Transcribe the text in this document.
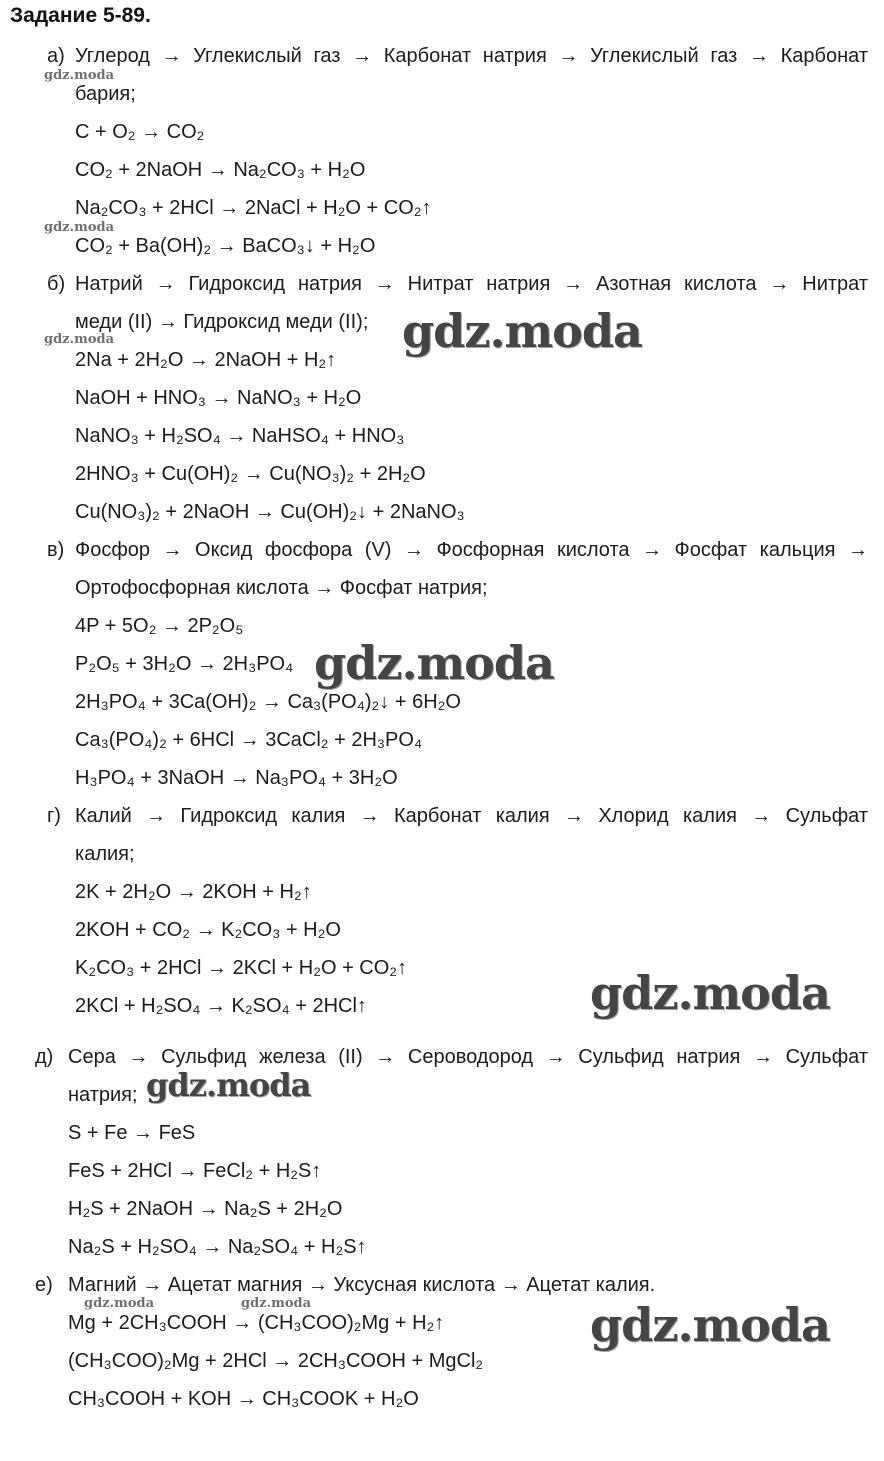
Задание 5-89.
а) Углерод → Углекислый газ → Карбонат натрия → Углекислый газ → Карбонат
бария;
C + O₂ → CO₂
CO₂ + 2NaOH → Na₂CO₃ + H₂O
Na₂CO₃ + 2HCl → 2NaCl + H₂O + CO₂↑
CO₂ + Ba(OH)₂ → BaCO₃↓ + H₂O
б) Натрий → Гидроксид натрия → Нитрат натрия → Азотная кислота → Нитрат
меди (II) → Гидроксид меди (II);
2Na + 2H₂O → 2NaOH + H₂↑
NaOH + HNO₃ → NaNO₃ + H₂O
NaNO₃ + H₂SO₄ → NaHSO₄ + HNO₃
2HNO₃ + Cu(OH)₂ → Cu(NO₃)₂ + 2H₂O
Cu(NO₃)₂ + 2NaOH → Cu(OH)₂↓ + 2NaNO₃
в) Фосфор → Оксид фосфора (V) → Фосфорная кислота → Фосфат кальция →
Ортофосфорная кислота → Фосфат натрия;
4P + 5O₂ → 2P₂O₅
P₂O₅ + 3H₂O → 2H₃PO₄
2H₃PO₄ + 3Ca(OH)₂ → Ca₃(PO₄)₂↓ + 6H₂O
Ca₃(PO₄)₂ + 6HCl → 3CaCl₂ + 2H₃PO₄
H₃PO₄ + 3NaOH → Na₃PO₄ + 3H₂O
г) Калий → Гидроксид калия → Карбонат калия → Хлорид калия → Сульфат
калия;
2K + 2H₂O → 2KOH + H₂↑
2KOH + CO₂ → K₂CO₃ + H₂O
K₂CO₃ + 2HCl → 2KCl + H₂O + CO₂↑
2KCl + H₂SO₄ → K₂SO₄ + 2HCl↑
д) Сера → Сульфид железа (II) → Сероводород → Сульфид натрия → Сульфат
натрия;
S + Fe → FeS
FeS + 2HCl → FeCl₂ + H₂S↑
H₂S + 2NaOH → Na₂S + 2H₂O
Na₂S + H₂SO₄ → Na₂SO₄ + H₂S↑
е) Магний → Ацетат магния → Уксусная кислота → Ацетат калия.
Mg + 2CH₃COOH → (CH₃COO)₂Mg + H₂↑
(CH₃COO)₂Mg + 2HCl → 2CH₃COOH + MgCl₂
CH₃COOH + KOH → CH₃COOK + H₂O
gdz.moda
gdz.moda
gdz.moda
gdz.moda	gdz.moda
gdz.moda
gdz.moda
gdz.moda
gdz.moda
gdz.moda
